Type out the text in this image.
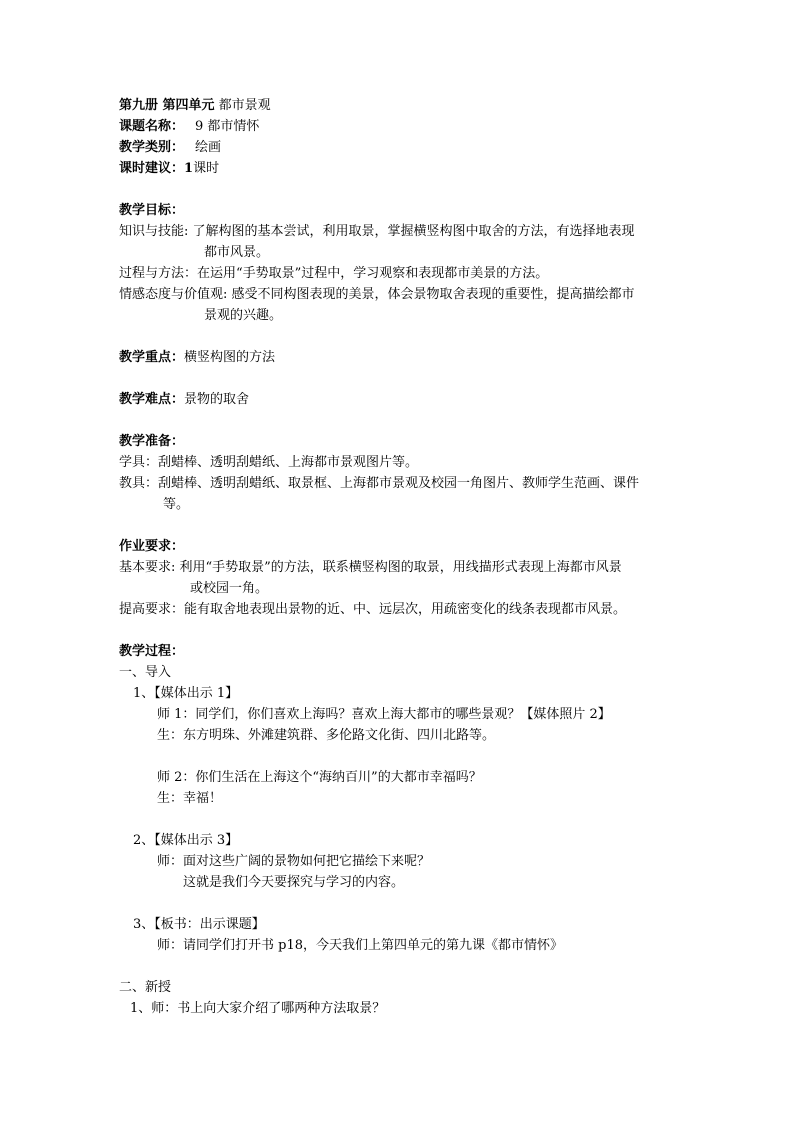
第九册 第四单元 都市景观
课题名称： 9 都市情怀
教学类别： 绘画
课时建议：1课时
教学目标：
知识与技能: 了解构图的基本尝试，利用取景，掌握横竖构图中取舍的方法，有选择地表现
都市风景。
过程与方法：在运用“手势取景”过程中，学习观察和表现都市美景的方法。
情感态度与价值观: 感受不同构图表现的美景，体会景物取舍表现的重要性，提高描绘都市
景观的兴趣。
教学重点：横竖构图的方法
教学难点：景物的取舍
教学准备：
学具：刮蜡棒、透明刮蜡纸、上海都市景观图片等。
教具：刮蜡棒、透明刮蜡纸、取景框、上海都市景观及校园一角图片、教师学生范画、课件
等。
作业要求：
基本要求: 利用“手势取景”的方法，联系横竖构图的取景，用线描形式表现上海都市风景
或校园一角。
提高要求：能有取舍地表现出景物的近、中、远层次，用疏密变化的线条表现都市风景。
教学过程：
一、导入
1、【媒体出示 1】
师 1：同学们，你们喜欢上海吗？喜欢上海大都市的哪些景观？【媒体照片 2】
生：东方明珠、外滩建筑群、多伦路文化街、四川北路等。
师 2：你们生活在上海这个“海纳百川”的大都市幸福吗？
生：幸福！
2、【媒体出示 3】
师：面对这些广阔的景物如何把它描绘下来呢？
这就是我们今天要探究与学习的内容。
3、【板书：出示课题】
师：请同学们打开书 p18，今天我们上第四单元的第九课《都市情怀》
二、新授
1、师：书上向大家介绍了哪两种方法取景？
